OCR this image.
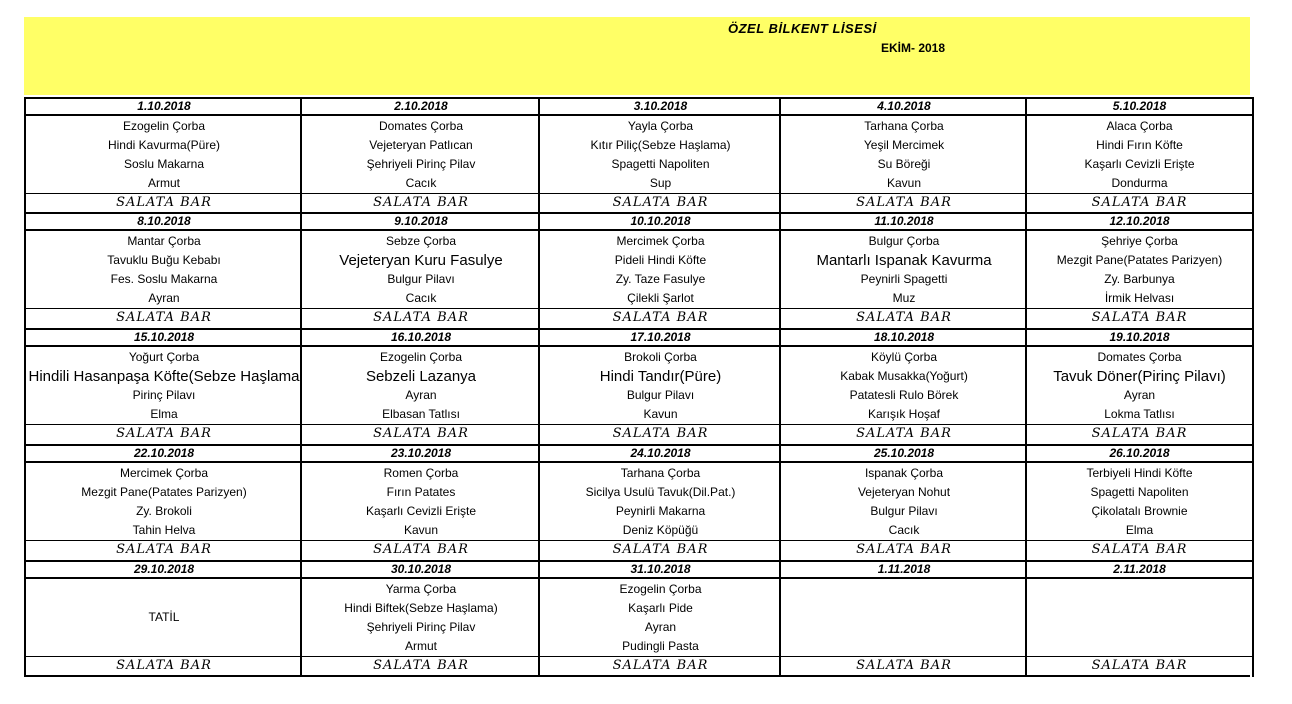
ÖZEL BİLKENT LİSESİ
EKİM- 2018
1.10.2018
Ezogelin Çorba
Hindi Kavurma(Püre)
Soslu Makarna
Armut
SALATA BAR
8.10.2018
Mantar Çorba
Tavuklu Buğu Kebabı
Fes. Soslu Makarna
Ayran
SALATA BAR
15.10.2018
Yoğurt Çorba
Hindili Hasanpaşa Köfte(Sebze Haşlama
Pirinç Pilavı
Elma
SALATA BAR
22.10.2018
Mercimek Çorba
Mezgit Pane(Patates Parizyen)
Zy. Brokoli
Tahin Helva
SALATA BAR
29.10.2018
TATİL
SALATA BAR
2.10.2018
Domates Çorba
Vejeteryan Patlıcan
Şehriyeli Pirinç Pilav
Cacık
SALATA BAR
9.10.2018
Sebze Çorba
Vejeteryan Kuru Fasulye
Bulgur Pilavı
Cacık
SALATA BAR
16.10.2018
Ezogelin Çorba
Sebzeli Lazanya
Ayran
Elbasan Tatlısı
SALATA BAR
23.10.2018
Romen Çorba
Fırın Patates
Kaşarlı Cevizli Erişte
Kavun
SALATA BAR
30.10.2018
Yarma Çorba
Hindi Biftek(Sebze Haşlama)
Şehriyeli Pirinç Pilav
Armut
SALATA BAR
3.10.2018
Yayla Çorba
Kıtır Piliç(Sebze Haşlama)
Spagetti Napoliten
Sup
SALATA BAR
10.10.2018
Mercimek Çorba
Pideli Hindi Köfte
Zy. Taze Fasulye
Çilekli Şarlot
SALATA BAR
17.10.2018
Brokoli Çorba
Hindi Tandır(Püre)
Bulgur Pilavı
Kavun
SALATA BAR
24.10.2018
Tarhana Çorba
Sicilya Usulü Tavuk(Dil.Pat.)
Peynirli Makarna
Deniz Köpüğü
SALATA BAR
31.10.2018
Ezogelin Çorba
Kaşarlı Pide
Ayran
Pudingli Pasta
SALATA BAR
4.10.2018
Tarhana Çorba
Yeşil Mercimek
Su Böreği
Kavun
SALATA BAR
11.10.2018
Bulgur Çorba
Mantarlı Ispanak Kavurma
Peynirli Spagetti
Muz
SALATA BAR
18.10.2018
Köylü Çorba
Kabak Musakka(Yoğurt)
Patatesli Rulo Börek
Karışık Hoşaf
SALATA BAR
25.10.2018
Ispanak Çorba
Vejeteryan Nohut
Bulgur Pilavı
Cacık
SALATA BAR
1.11.2018
SALATA BAR
5.10.2018
Alaca Çorba
Hindi Fırın Köfte
Kaşarlı Cevizli Erişte
Dondurma
SALATA BAR
12.10.2018
Şehriye Çorba
Mezgit Pane(Patates Parizyen)
Zy. Barbunya
İrmik Helvası
SALATA BAR
19.10.2018
Domates Çorba
Tavuk Döner(Pirinç Pilavı)
Ayran
Lokma Tatlısı
SALATA BAR
26.10.2018
Terbiyeli Hindi Köfte
Spagetti Napoliten
Çikolatalı Brownie
Elma
SALATA BAR
2.11.2018
SALATA BAR
